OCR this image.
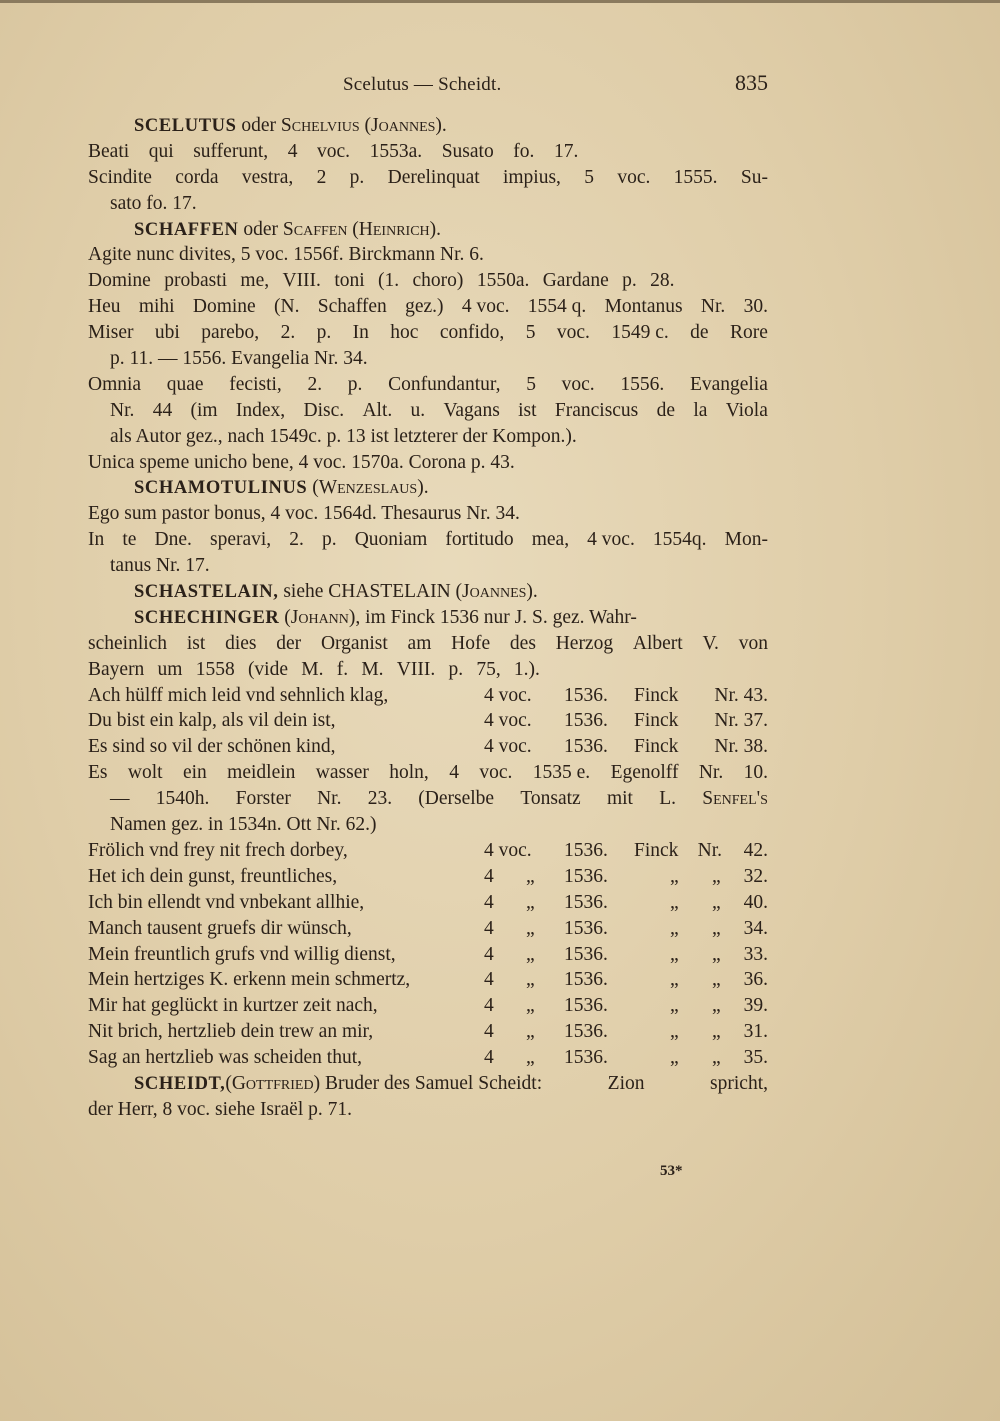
Scelutus — Scheidt.	835
SCELUTUS oder Schelvius (Joannes).
Beati qui sufferunt, 4 voc. 1553a. Susato fo. 17.
Scindite corda vestra, 2 p. Derelinquat impius, 5 voc. 1555. Su-
sato fo. 17.
SCHAFFEN oder Scaffen (Heinrich).
Agite nunc divites, 5 voc. 1556f. Birckmann Nr. 6.
Domine probasti me, VIII. toni (1. choro) 1550a. Gardane p. 28.
Heu mihi Domine (N. Schaffen gez.) 4 voc. 1554 q. Montanus Nr. 30.
Miser ubi parebo, 2. p. In hoc confido, 5 voc. 1549 c. de Rore
p. 11. — 1556. Evangelia Nr. 34.
Omnia quae fecisti, 2. p. Confundantur, 5 voc. 1556. Evangelia
Nr. 44 (im Index, Disc. Alt. u. Vagans ist Franciscus de la Viola
als Autor gez., nach 1549c. p. 13 ist letzterer der Kompon.).
Unica speme unicho bene, 4 voc. 1570a. Corona p. 43.
SCHAMOTULINUS (Wenzeslaus).
Ego sum pastor bonus, 4 voc. 1564d. Thesaurus Nr. 34.
In te Dne. speravi, 2. p. Quoniam fortitudo mea, 4 voc. 1554q. Mon-
tanus Nr. 17.
SCHASTELAIN, siehe CHASTELAIN (Joannes).
SCHECHINGER (Johann), im Finck 1536 nur J. S. gez. Wahr-
scheinlich ist dies der Organist am Hofe des Herzog Albert V. von
Bayern um 1558 (vide M. f. M. VIII. p. 75, 1.).
Ach hülff mich leid vnd sehnlich klag,	4 voc. 1536. Finck Nr. 43.
Du bist ein kalp, als vil dein ist,	4 voc. 1536. Finck Nr. 37.
Es sind so vil der schönen kind,	4 voc. 1536. Finck Nr. 38.
Es wolt ein meidlein wasser holn, 4 voc. 1535 e. Egenolff Nr. 10.
— 1540h. Forster Nr. 23. (Derselbe Tonsatz mit L. Senfel's
Namen gez. in 1534n. Ott Nr. 62.)
Frölich vnd frey nit frech dorbey,	4 voc. 1536. Finck Nr. 42.
Het ich dein gunst, freuntliches,	4 „ 1536.	„ „ 32.
Ich bin ellendt vnd vnbekant allhie,	4 „ 1536.	„ „ 40.
Manch tausent gruefs dir wünsch,	4 „ 1536.	„ „ 34.
Mein freuntlich grufs vnd willig dienst,	4 „ 1536.	„ „ 33.
Mein hertziges K. erkenn mein schmertz,	4 „ 1536.	„ „ 36.
Mir hat geglückt in kurtzer zeit nach,	4 „ 1536.	„ „ 39.
Nit brich, hertzlieb dein trew an mir,	4 „ 1536.	„ „ 31.
Sag an hertzlieb was scheiden thut,	4 „ 1536.	„ „ 35.
SCHEIDT,(Gottfried) Bruder des Samuel Scheidt:	Zion	spricht,
der Herr, 8 voc. siehe Israël p. 71.
53*
